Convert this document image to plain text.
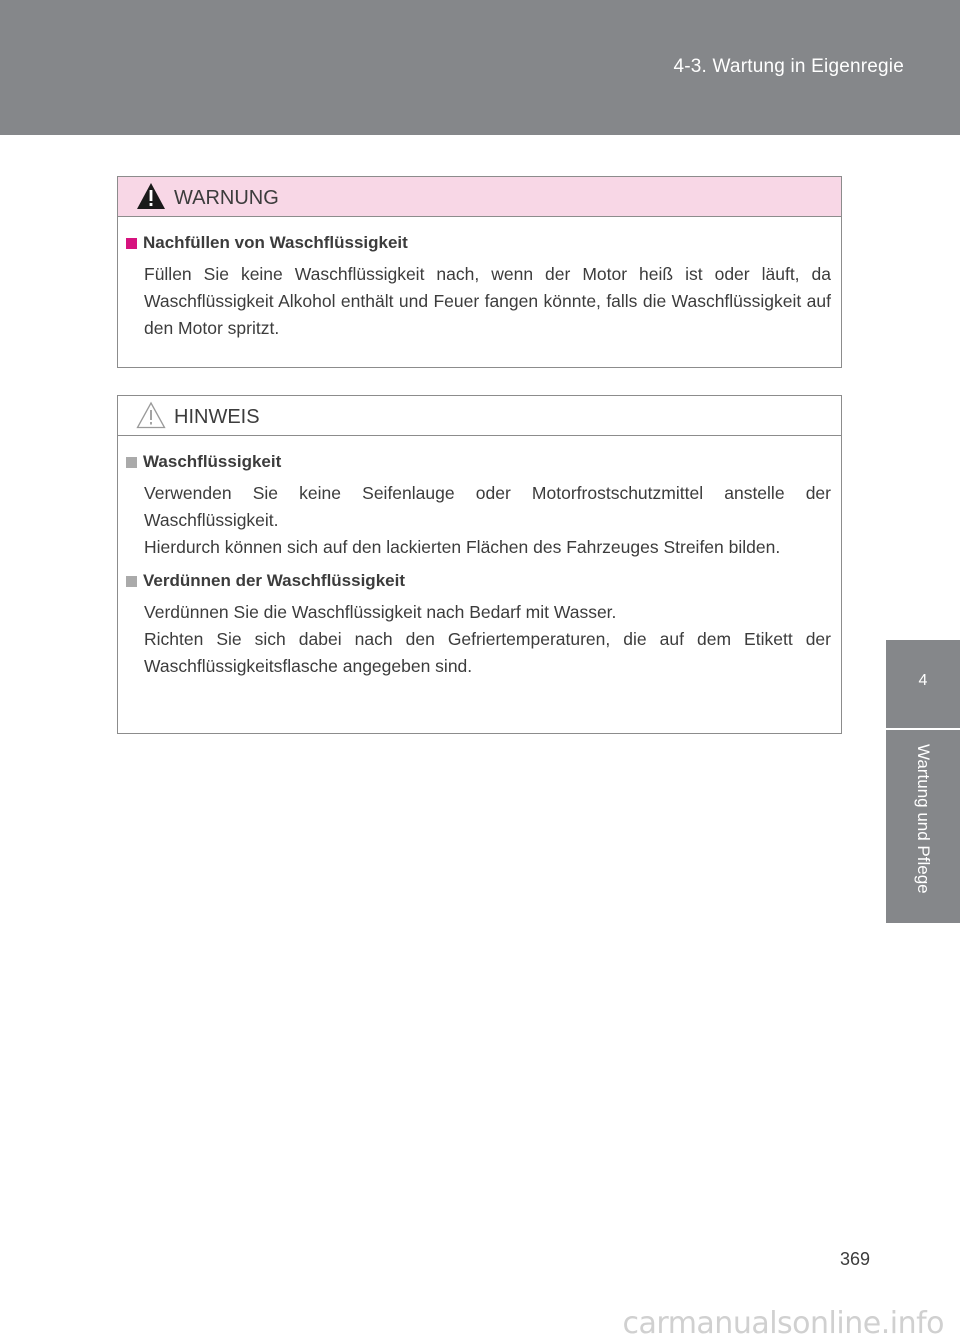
4-3. Wartung in Eigenregie
4
Wartung und Pflege
WARNUNG
Nachfüllen von Waschflüssigkeit

Füllen Sie keine Waschflüssigkeit nach, wenn der Motor heiß ist oder läuft, da Waschflüssigkeit Alkohol enthält und Feuer fangen könnte, falls die Waschflüssigkeit auf den Motor spritzt.

HINWEIS
Waschflüssigkeit

Verwenden Sie keine Seifenlauge oder Motorfrostschutzmittel anstelle der Waschflüssigkeit.

Hierdurch können sich auf den lackierten Flächen des Fahrzeuges Streifen bilden.

Verdünnen der Waschflüssigkeit

Verdünnen Sie die Waschflüssigkeit nach Bedarf mit Wasser.

Richten Sie sich dabei nach den Gefriertemperaturen, die auf dem Etikett der Waschflüssigkeitsflasche angegeben sind.

369
carmanualsonline.info
